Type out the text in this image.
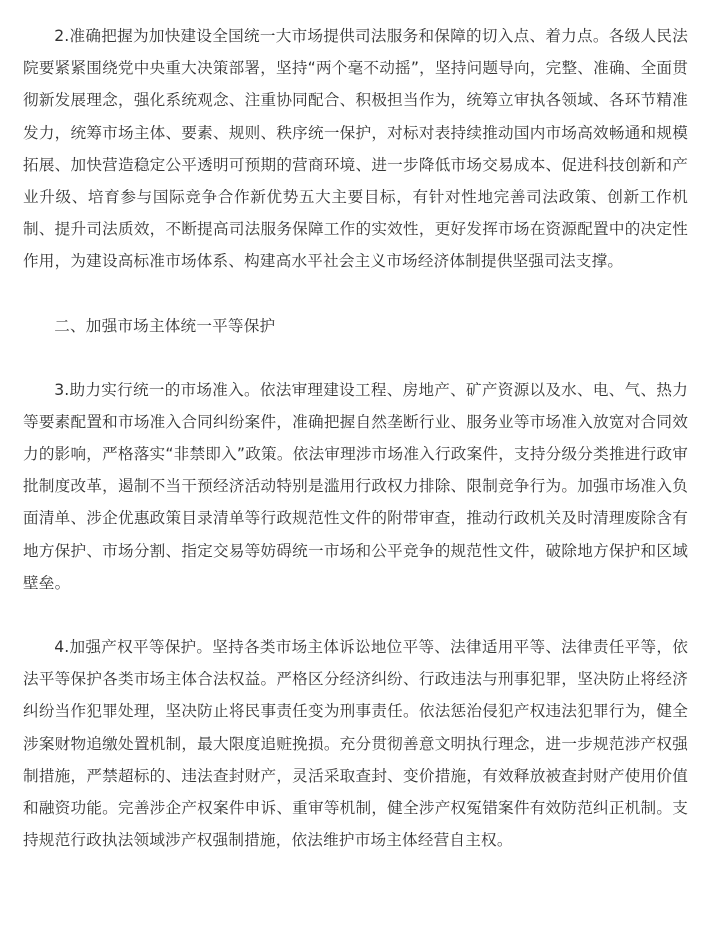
2.准确把握为加快建设全国统一大市场提供司法服务和保障的切入点、着力点。各级人民法院要紧紧围绕党中央重大决策部署，坚持“两个毫不动摇”，坚持问题导向，完整、准确、全面贯彻新发展理念，强化系统观念、注重协同配合、积极担当作为，统筹立审执各领域、各环节精准发力，统筹市场主体、要素、规则、秩序统一保护，对标对表持续推动国内市场高效畅通和规模拓展、加快营造稳定公平透明可预期的营商环境、进一步降低市场交易成本、促进科技创新和产业升级、培育参与国际竞争合作新优势五大主要目标，有针对性地完善司法政策、创新工作机制、提升司法质效，不断提高司法服务保障工作的实效性，更好发挥市场在资源配置中的决定性作用，为建设高标准市场体系、构建高水平社会主义市场经济体制提供坚强司法支撑。

二、加强市场主体统一平等保护

3.助力实行统一的市场准入。依法审理建设工程、房地产、矿产资源以及水、电、气、热力等要素配置和市场准入合同纠纷案件，准确把握自然垄断行业、服务业等市场准入放宽对合同效力的影响，严格落实“非禁即入”政策。依法审理涉市场准入行政案件，支持分级分类推进行政审批制度改革，遏制不当干预经济活动特别是滥用行政权力排除、限制竞争行为。加强市场准入负面清单、涉企优惠政策目录清单等行政规范性文件的附带审查，推动行政机关及时清理废除含有地方保护、市场分割、指定交易等妨碍统一市场和公平竞争的规范性文件，破除地方保护和区域壁垒。

4.加强产权平等保护。坚持各类市场主体诉讼地位平等、法律适用平等、法律责任平等，依法平等保护各类市场主体合法权益。严格区分经济纠纷、行政违法与刑事犯罪，坚决防止将经济纠纷当作犯罪处理，坚决防止将民事责任变为刑事责任。依法惩治侵犯产权违法犯罪行为，健全涉案财物追缴处置机制，最大限度追赃挽损。充分贯彻善意文明执行理念，进一步规范涉产权强制措施，严禁超标的、违法查封财产，灵活采取查封、变价措施，有效释放被查封财产使用价值和融资功能。完善涉企产权案件申诉、重审等机制，健全涉产权冤错案件有效防范纠正机制。支持规范行政执法领域涉产权强制措施，依法维护市场主体经营自主权。
